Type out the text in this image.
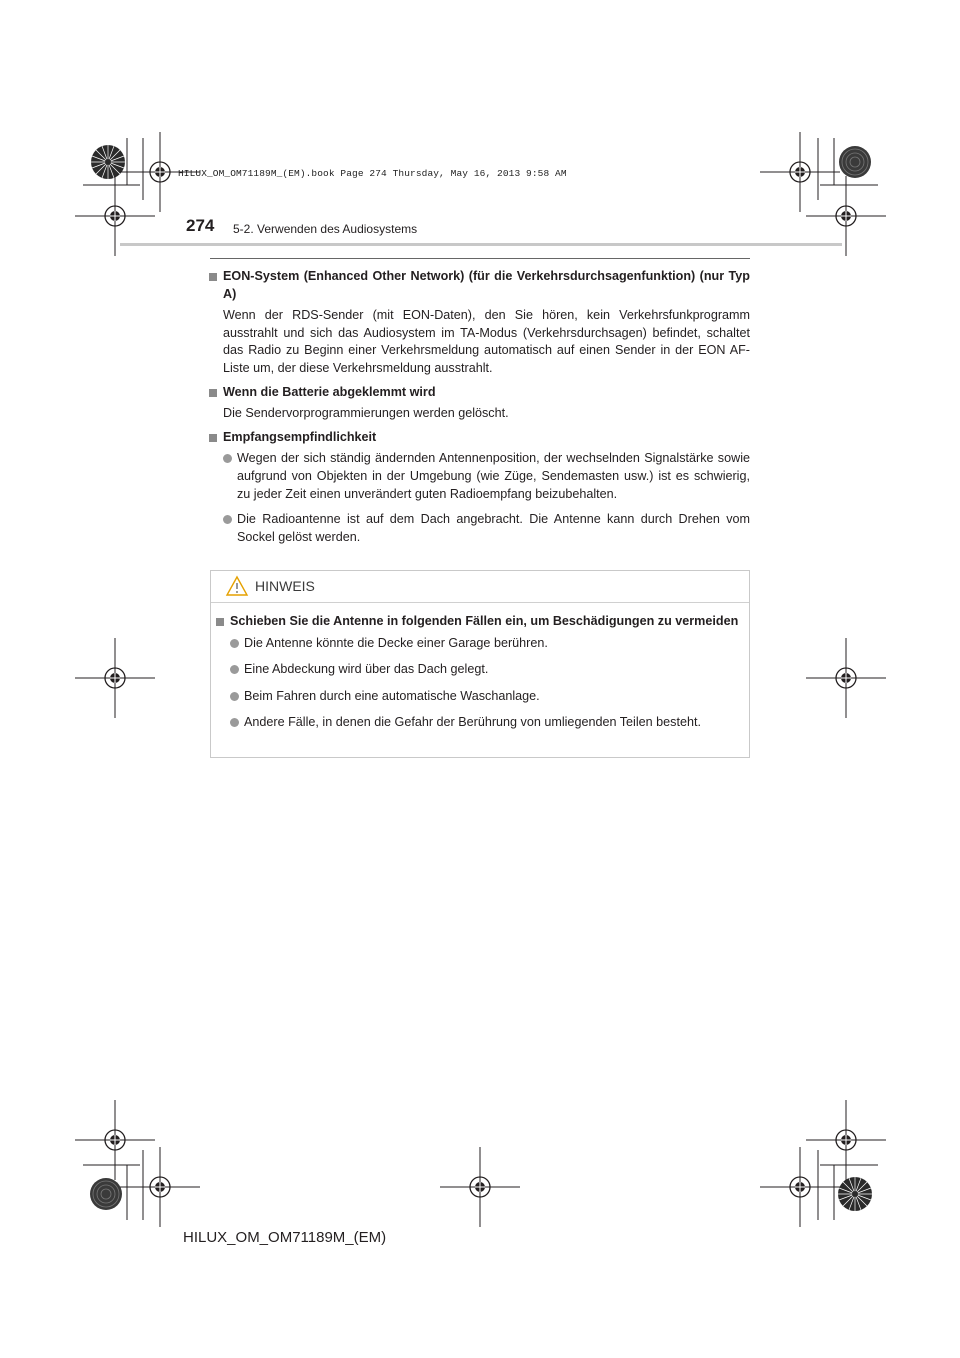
HILUX_OM_OM71189M_(EM).book Page 274 Thursday, May 16, 2013 9:58 AM
274 5-2. Verwenden des Audiosystems
EON-System (Enhanced Other Network) (für die Verkehrsdurchsagenfunktion) (nur Typ A)

Wenn der RDS-Sender (mit EON-Daten), den Sie hören, kein Verkehrsfunkprogramm ausstrahlt und sich das Audiosystem im TA-Modus (Verkehrsdurchsagen) befindet, schaltet das Radio zu Beginn einer Verkehrsmeldung automatisch auf einen Sender in der EON AF-Liste um, der diese Verkehrsmeldung ausstrahlt.

Wenn die Batterie abgeklemmt wird

Die Sendervorprogrammierungen werden gelöscht.

Empfangsempfindlichkeit
Wegen der sich ständig ändernden Antennenposition, der wechselnden Signalstärke sowie aufgrund von Objekten in der Umgebung (wie Züge, Sendemasten usw.) ist es schwierig, zu jeder Zeit einen unverändert guten Radioempfang beizubehalten.
Die Radioantenne ist auf dem Dach angebracht. Die Antenne kann durch Drehen vom Sockel gelöst werden.
HINWEIS
Schieben Sie die Antenne in folgenden Fällen ein, um Beschädigungen zu vermeiden
Die Antenne könnte die Decke einer Garage berühren.
Eine Abdeckung wird über das Dach gelegt.
Beim Fahren durch eine automatische Waschanlage.
Andere Fälle, in denen die Gefahr der Berührung von umliegenden Teilen besteht.
HILUX_OM_OM71189M_(EM)
